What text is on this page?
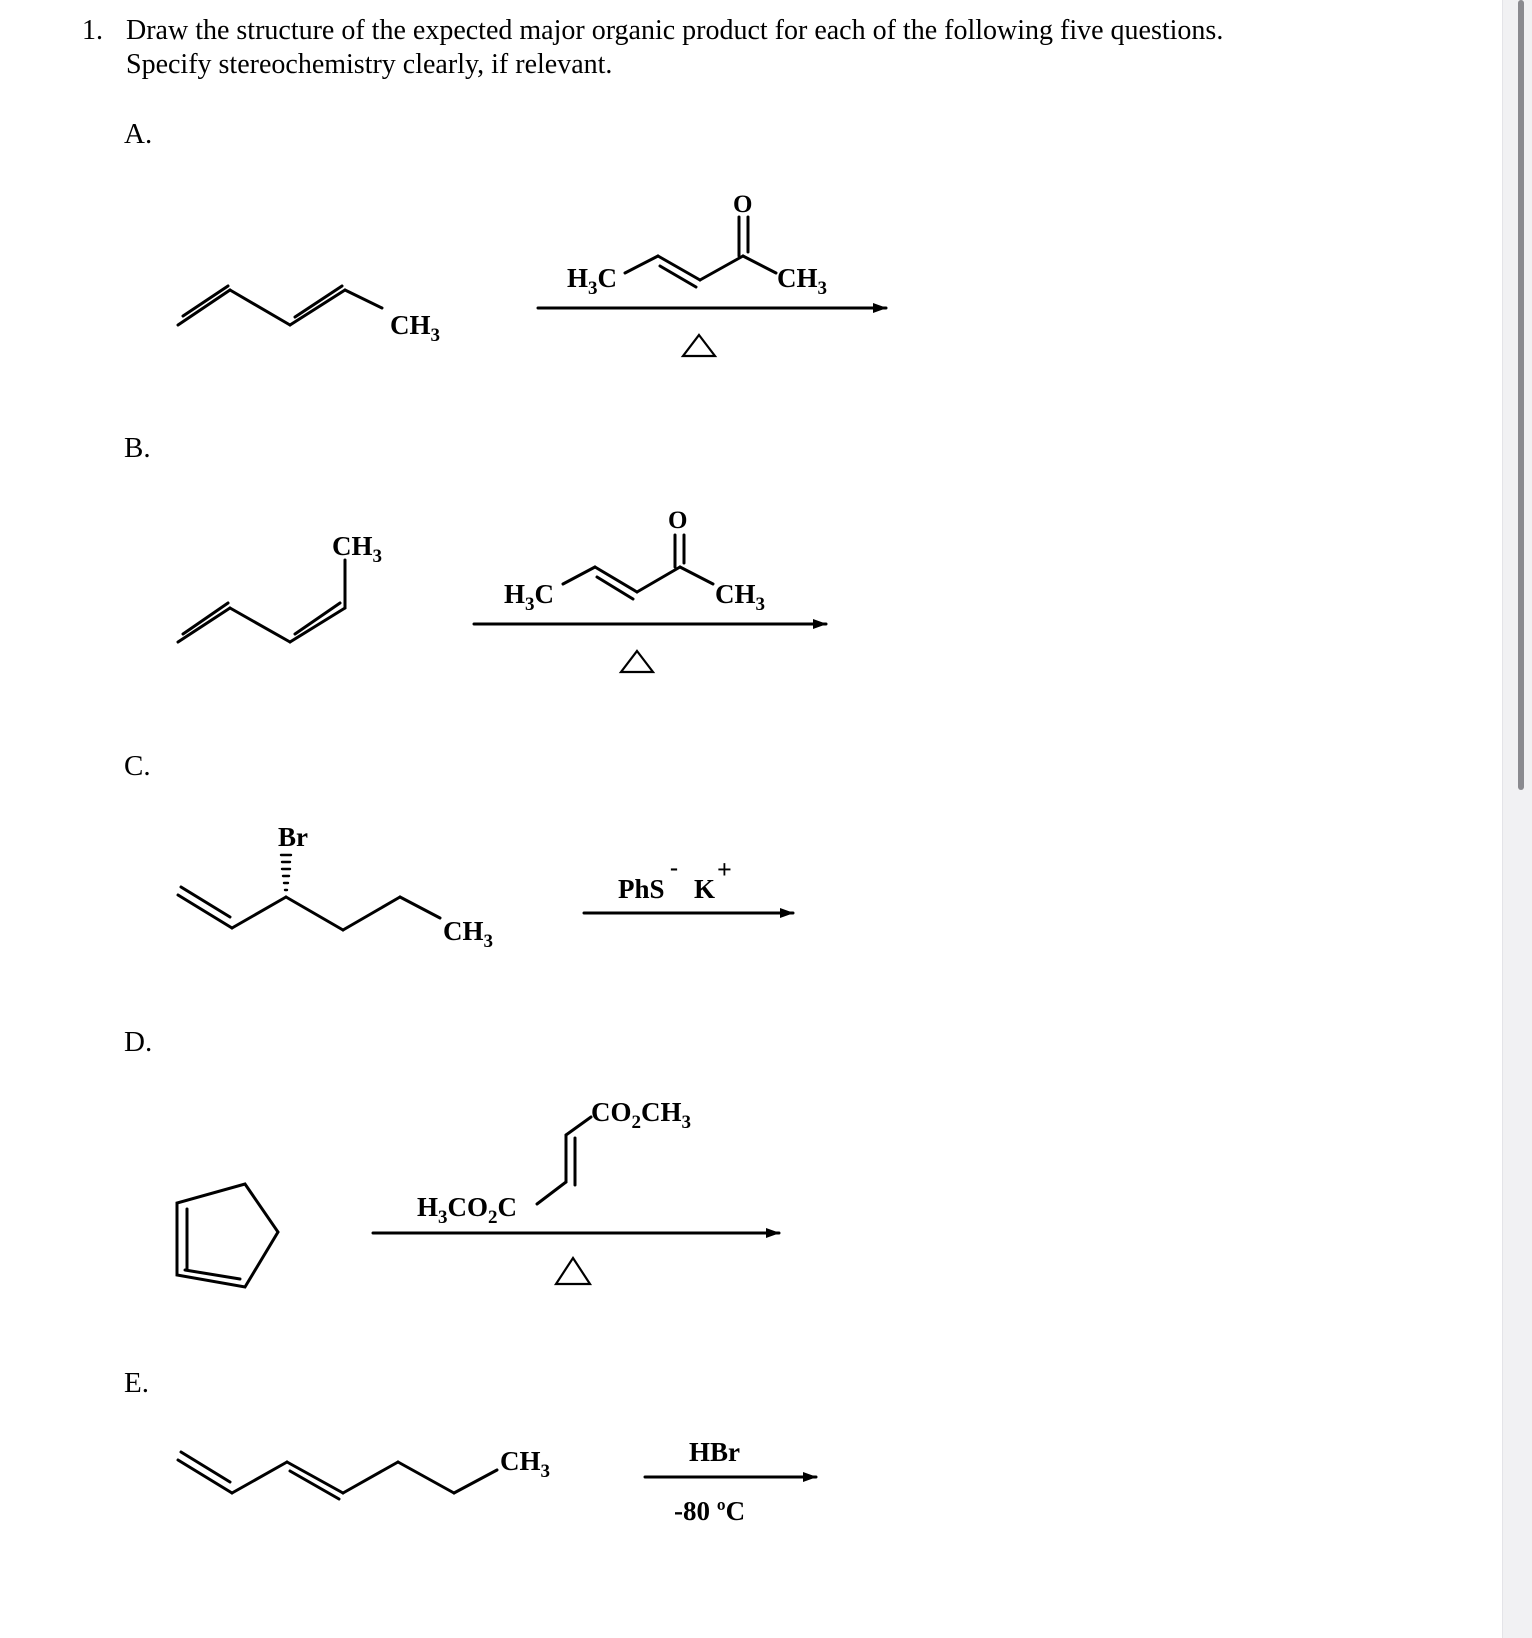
1. Draw the structure of the expected major organic product for each of the following five questions.
Specify stereochemistry clearly, if relevant.
A.
B.
C.
D.
E.
$CH_3$
O
$H_3C$	$CH_3$
$CH_3$
O
$H_3C$	$CH_3$
Br
$CH_3$
PhS
-
K
+
$CO_2CH_3$
$H_3CO_2C$
$CH_3$
HBr
-80 ºC
